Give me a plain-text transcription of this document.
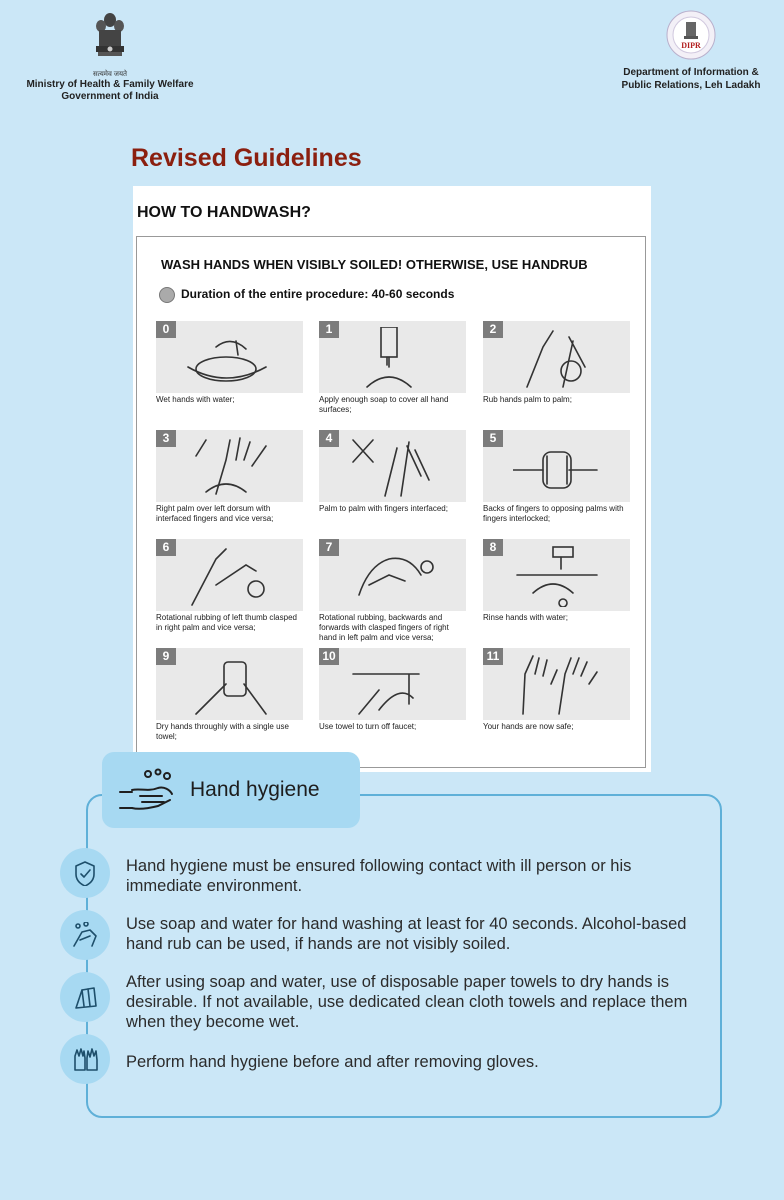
सत्यमेव जयते
Ministry of Health & Family Welfare
Government of India
DIPR
Department of Information &
Public Relations, Leh Ladakh
Revised Guidelines
HOW TO HANDWASH?
WASH HANDS WHEN VISIBLY SOILED! OTHERWISE, USE HANDRUB
Duration of the entire procedure: 40-60 seconds
0
Wet hands with water;
1
Apply enough soap to cover all hand surfaces;
2
Rub hands palm to palm;
3
Right palm over left dorsum with interfaced fingers and vice versa;
4
Palm to palm with fingers interfaced;
5
Backs of fingers to opposing palms with fingers interlocked;
6
Rotational rubbing of left thumb clasped in right palm and vice versa;
7
Rotational rubbing, backwards and forwards with clasped fingers of right hand in left palm and vice versa;
8
Rinse hands with water;
9
Dry hands throughly with a single use towel;
10
Use towel to turn off faucet;
11
Your hands are now safe;
Hand hygiene
Hand hygiene must be ensured following contact with ill person or his immediate environment.
Use soap and water for hand washing at least for 40 seconds. Alcohol-based hand rub can be used, if hands are not visibly soiled.
After using soap and water, use of disposable paper towels to dry hands is desirable. If not available, use dedicated clean cloth towels and replace them when they become wet.
Perform hand hygiene before and after removing gloves.
